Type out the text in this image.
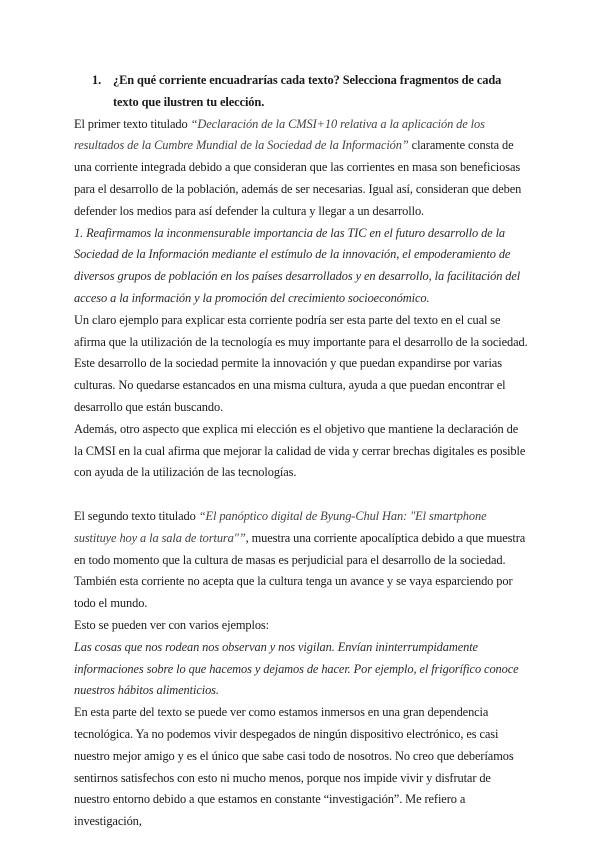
1. ¿En qué corriente encuadrarías cada texto? Selecciona fragmentos de cada texto que ilustren tu elección.

El primer texto titulado “Declaración de la CMSI+10 relativa a la aplicación de los resultados de la Cumbre Mundial de la Sociedad de la Información” claramente consta de una corriente integrada debido a que consideran que las corrientes en masa son beneficiosas para el desarrollo de la población, además de ser necesarias. Igual así, consideran que deben defender los medios para así defender la cultura y llegar a un desarrollo.

1. Reafirmamos la inconmensurable importancia de las TIC en el futuro desarrollo de la Sociedad de la Información mediante el estímulo de la innovación, el empoderamiento de diversos grupos de población en los países desarrollados y en desarrollo, la facilitación del acceso a la información y la promoción del crecimiento socioeconómico.

Un claro ejemplo para explicar esta corriente podría ser esta parte del texto en el cual se afirma que la utilización de la tecnología es muy importante para el desarrollo de la sociedad. Este desarrollo de la sociedad permite la innovación y que puedan expandirse por varias culturas. No quedarse estancados en una misma cultura, ayuda a que puedan encontrar el desarrollo que están buscando.

Además, otro aspecto que explica mi elección es el objetivo que mantiene la declaración de la CMSI en la cual afirma que mejorar la calidad de vida y cerrar brechas digitales es posible con ayuda de la utilización de las tecnologías.

El segundo texto titulado “El panóptico digital de Byung-Chul Han: "El smartphone sustituye hoy a la sala de tortura"”, muestra una corriente apocalíptica debido a que muestra en todo momento que la cultura de masas es perjudicial para el desarrollo de la sociedad. También esta corriente no acepta que la cultura tenga un avance y se vaya esparciendo por todo el mundo.

Esto se pueden ver con varios ejemplos:

Las cosas que nos rodean nos observan y nos vigilan. Envían ininterrumpidamente informaciones sobre lo que hacemos y dejamos de hacer. Por ejemplo, el frigorífico conoce nuestros hábitos alimenticios.

En esta parte del texto se puede ver como estamos inmersos en una gran dependencia tecnológica. Ya no podemos vivir despegados de ningún dispositivo electrónico, es casi nuestro mejor amigo y es el único que sabe casi todo de nosotros. No creo que deberíamos sentirnos satisfechos con esto ni mucho menos, porque nos impide vivir y disfrutar de nuestro entorno debido a que estamos en constante “investigación”. Me refiero a investigación,
